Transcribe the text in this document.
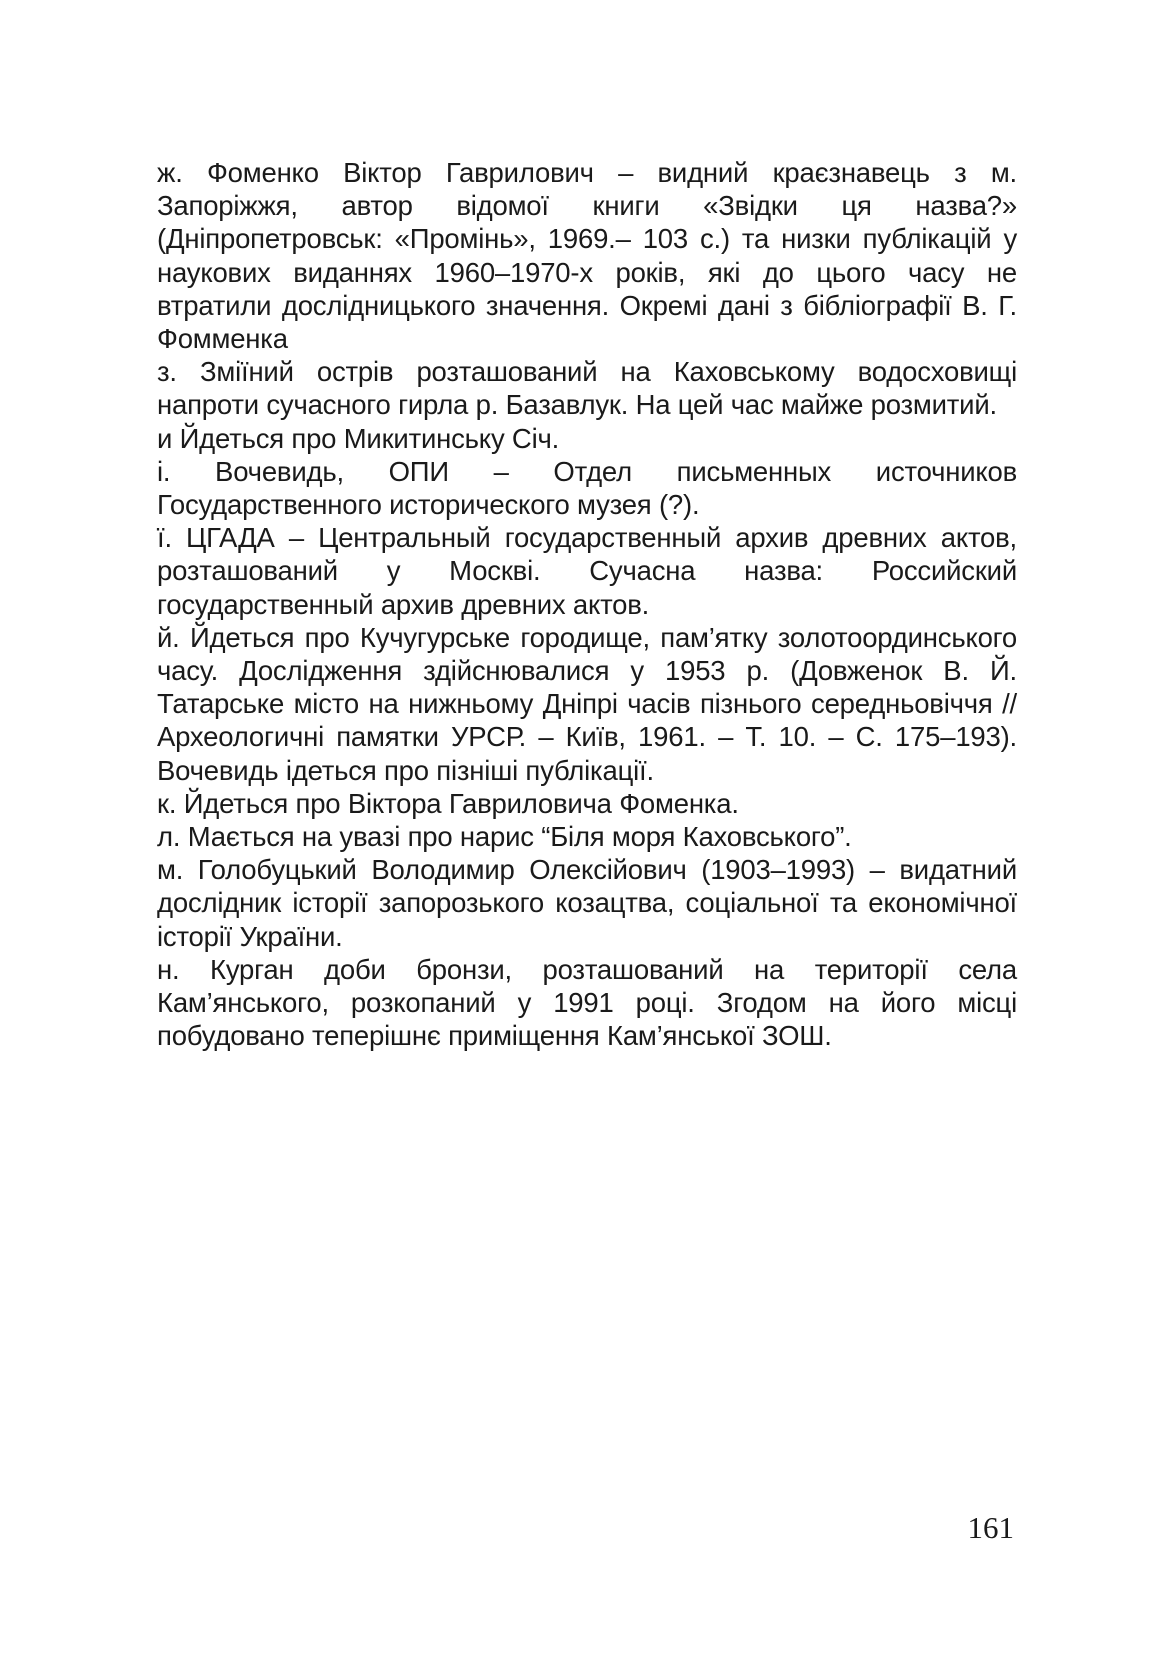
ж. Фоменко Віктор Гаврилович – видний краєзнавець з м. Запоріжжя, автор відомої книги «Звідки ця назва?» (Дніпропетровськ: «Промінь», 1969.– 103 с.) та низки публікацій у наукових виданнях 1960–1970-х років, які до цього часу не втратили дослідницького значення. Окремі дані з бібліографії В. Г. Фомменка

з. Зміїний острів розташований на Каховському водосховищі напроти сучасного гирла р. Базавлук. На цей час майже розмитий.

и Йдеться про Микитинську Січ.

і. Вочевидь, ОПИ – Отдел письменных источников Государственного исторического музея (?).

ї. ЦГАДА – Центральный государственный архив древних актов, розташований у Москві. Сучасна назва: Российский государственный архив древних актов.

й. Йдеться про Кучугурське городище, пам’ятку золотоординського часу. Дослідження здійснювалися у 1953 р. (Довженок В. Й. Татарське місто на нижньому Дніпрі часів пізнього середньовіччя // Археологичні памятки УРСР. – Київ, 1961. – Т. 10. – С. 175–193). Вочевидь ідеться про пізніші публікації.

к. Йдеться про Віктора Гавриловича Фоменка.

л. Мається на увазі про нарис “Біля моря Каховського”.

м. Голобуцький Володимир Олексійович (1903–1993) – видатний дослідник історії запорозького козацтва, соціальної та економічної історії України.

н. Курган доби бронзи, розташований на території села Кам’янського, розкопаний у 1991 році. Згодом на його місці побудовано теперішнє приміщення Кам’янської ЗОШ.

161
